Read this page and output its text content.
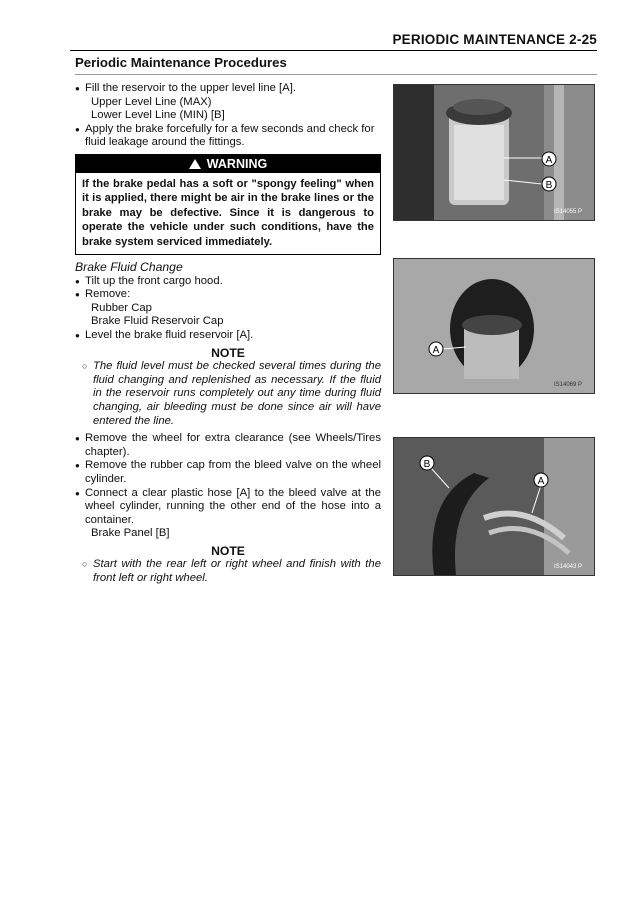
PERIODIC MAINTENANCE 2-25
Periodic Maintenance Procedures
● Fill the reservoir to the upper level line [A].
Upper Level Line (MAX)
Lower Level Line (MIN) [B]
● Apply the brake forcefully for a few seconds and check for fluid leakage around the fittings.
WARNING
If the brake pedal has a soft or "spongy feeling" when it is applied, there might be air in the brake lines or the brake may be defective. Since it is dangerous to operate the vehicle under such conditions, have the brake system serviced immediately.
Brake Fluid Change
● Tilt up the front cargo hood.
● Remove:
Rubber Cap
Brake Fluid Reservoir Cap
● Level the brake fluid reservoir [A].
NOTE
○ The fluid level must be checked several times during the fluid changing and replenished as necessary. If the fluid in the reservoir runs completely out any time during fluid changing, air bleeding must be done since air will have entered the line.
● Remove the wheel for extra clearance (see Wheels/Tires chapter).
● Remove the rubber cap from the bleed valve on the wheel cylinder.
● Connect a clear plastic hose [A] to the bleed valve at the wheel cylinder, running the other end of the hose into a container.
Brake Panel [B]
NOTE
○ Start with the rear left or right wheel and finish with the front left or right wheel.
A
B
IS14055 P
A
IS14069 P
B
A
IS14043 P
